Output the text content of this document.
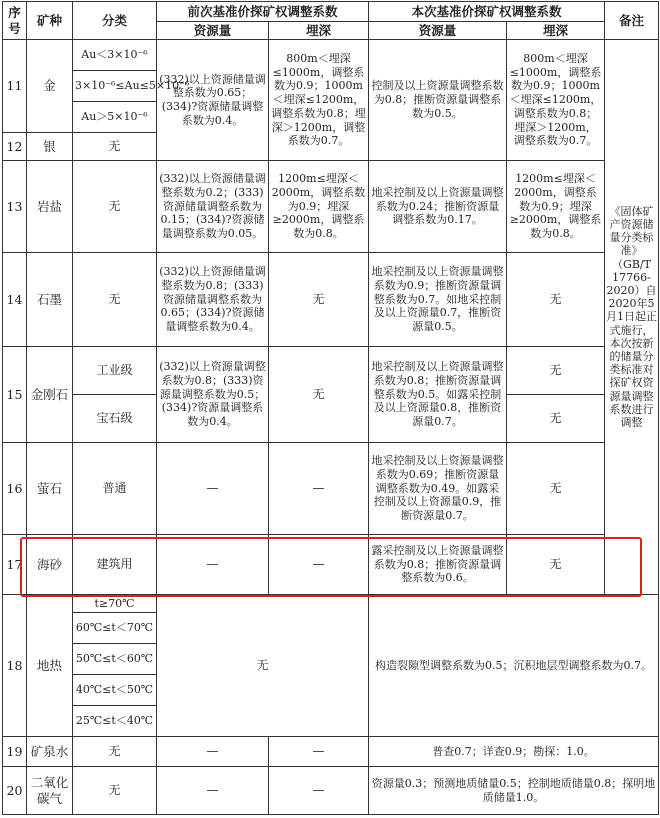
序号	矿种	分类	前次基准价探矿权调整系数		本次基准价探矿权调整系数		备注
			资源量	埋深	资源量	埋深	
11	金	Au＜3×10⁻⁶	(332)以上资源储量调整系数为0.65；(334)?资源储量调整系数为0.4。	800m＜埋深≤1000m，调整系数为0.9；1000m＜埋深≤1200m，调整系数为0.8；埋深＞1200m，调整系数为0.7。	控制及以上资源量调整系数为0.8；推断资源量调整系数为0.5。	800m＜埋深≤1000m，调整系数为0.9；1000m＜埋深≤1200m，调整系数为0.8；埋深＞1200m，调整系数为0.7。	《固体矿产资源储量分类标准》（GB/T 17766-2020）自2020年5月1日起正式施行，本次按新的储量分类标准对探矿权资源量调整系数进行调整
		3×10⁻⁶≤Au≤5×10⁻⁶					
		Au＞5×10⁻⁶					
12	银	无					
13	岩盐	无	(332)以上资源储量调整系数为0.2；(333)资源储量调整系数为0.15；(334)?资源储量调整系数为0.05。	1200m≤埋深＜2000m，调整系数为0.9；埋深≥2000m，调整系数为0.8。	地采控制及以上资源量调整系数为0.24；推断资源量调整系数为0.17。	1200m≤埋深＜2000m，调整系数为0.9；埋深≥2000m，调整系数为0.8。	
14	石墨	无	(332)以上资源储量调整系数为0.8；(333)资源储量调整系数为0.65；(334)?资源储量调整系数为0.4。	无	地采控制及以上资源量调整系数为0.9；推断资源量调整系数为0.7。如地采控制及以上资源量0.7，推断资源量0.5。	无	
15	金刚石	工业级	(332)以上资源量调整系数为0.8；(333)资源量调整系数为0.5；(334)?资源量调整系数为0.4。	无	地采控制及以上资源量调整系数为0.8；推断资源量调整系数为0.5。如露采控制及以上资源量0.8，推断资源量0.7。	无	
		宝石级				无	
16	萤石	普通	—	—	地采控制及以上资源量调整系数为0.69；推断资源量调整系数为0.49。如露采控制及以上资源量0.9，推断资源量0.7。	无	
17	海砂	建筑用	—	—	露采控制及以上资源量调整系数为0.8；推断资源量调整系数为0.6。	无	
18	地热	t≥70℃	无		构造裂隙型调整系数为0.5；沉积地层型调整系数为0.7。		
		60℃≤t＜70℃					
		50℃≤t＜60℃					
		40℃≤t＜50℃					
		25℃≤t＜40℃					
19	矿泉水	无	—	—	普查0.7；详查0.9；勘探：1.0。		
20	二氧化碳气	无	—	—	资源量0.3；预测地质储量0.5；控制地质储量0.8；探明地质储量1.0。		
